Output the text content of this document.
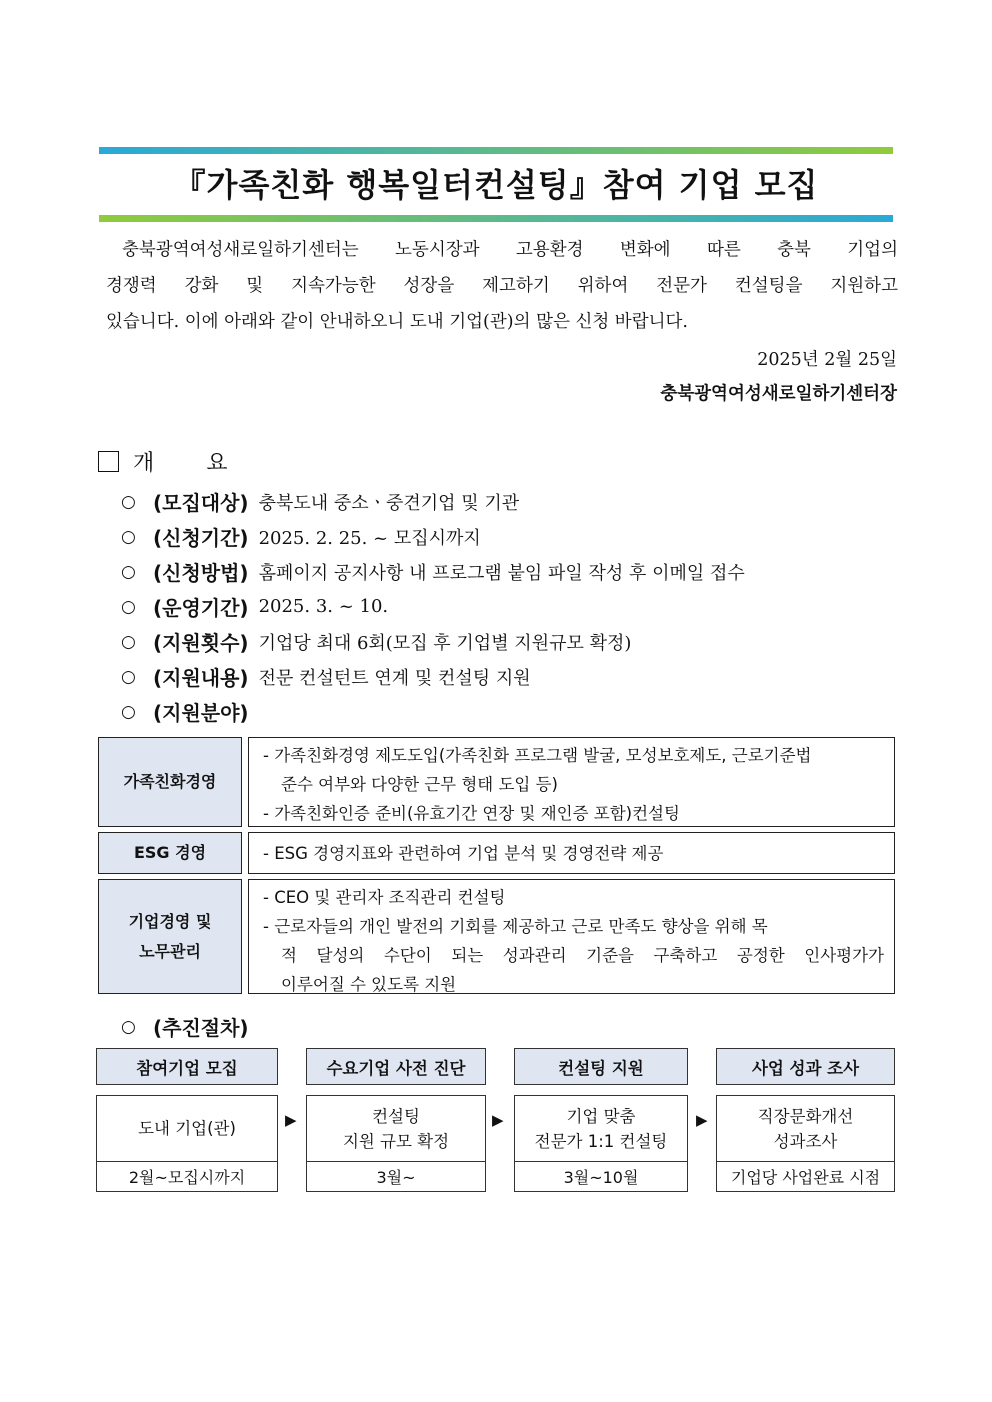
『가족친화 행복일터컨설팅』참여 기업 모집
충북광역여성새로일하기센터는 노동시장과 고용환경 변화에 따른 충북 기업의
경쟁력 강화 및 지속가능한 성장을 제고하기 위하여 전문가 컨설팅을 지원하고
있습니다. 이에 아래와 같이 안내하오니 도내 기업(관)의 많은 신청 바랍니다.
2025년 2월 25일
충북광역여성새로일하기센터장
개요
○ (모집대상) 충북도내 중소ㆍ중견기업 및 기관
○ (신청기간) 2025. 2. 25. ~ 모집시까지
○ (신청방법) 홈페이지 공지사항 내 프로그램 붙임 파일 작성 후 이메일 접수
○ (운영기간) 2025. 3. ~ 10.
○ (지원횟수) 기업당 최대 6회(모집 후 기업별 지원규모 확정)
○ (지원내용) 전문 컨설턴트 연계 및 컨설팅 지원
○ (지원분야)
가족친화경영
- 가족친화경영 제도도입(가족친화 프로그램 발굴, 모성보호제도, 근로기준법
준수 여부와 다양한 근무 형태 도입 등)
- 가족친화인증 준비(유효기간 연장 및 재인증 포함)컨설팅
ESG 경영	- ESG 경영지표와 관련하여 기업 분석 및 경영전략 제공
기업경영 및
노무관리
- CEO 및 관리자 조직관리 컨설팅
- 근로자들의 개인 발전의 기회를 제공하고 근로 만족도 향상을 위해 목
적 달성의 수단이 되는 성과관리 기준을 구축하고 공정한 인사평가가
이루어질 수 있도록 지원
○ (추진절차)
참여기업 모집
도내 기업(관)
2월~모집시까지
▶
수요기업 사전 진단
컨설팅
지원 규모 확정
3월~
▶
컨설팅 지원
기업 맞춤
전문가 1:1 컨설팅
3월~10월
▶
사업 성과 조사
직장문화개선
성과조사
기업당 사업완료 시점
